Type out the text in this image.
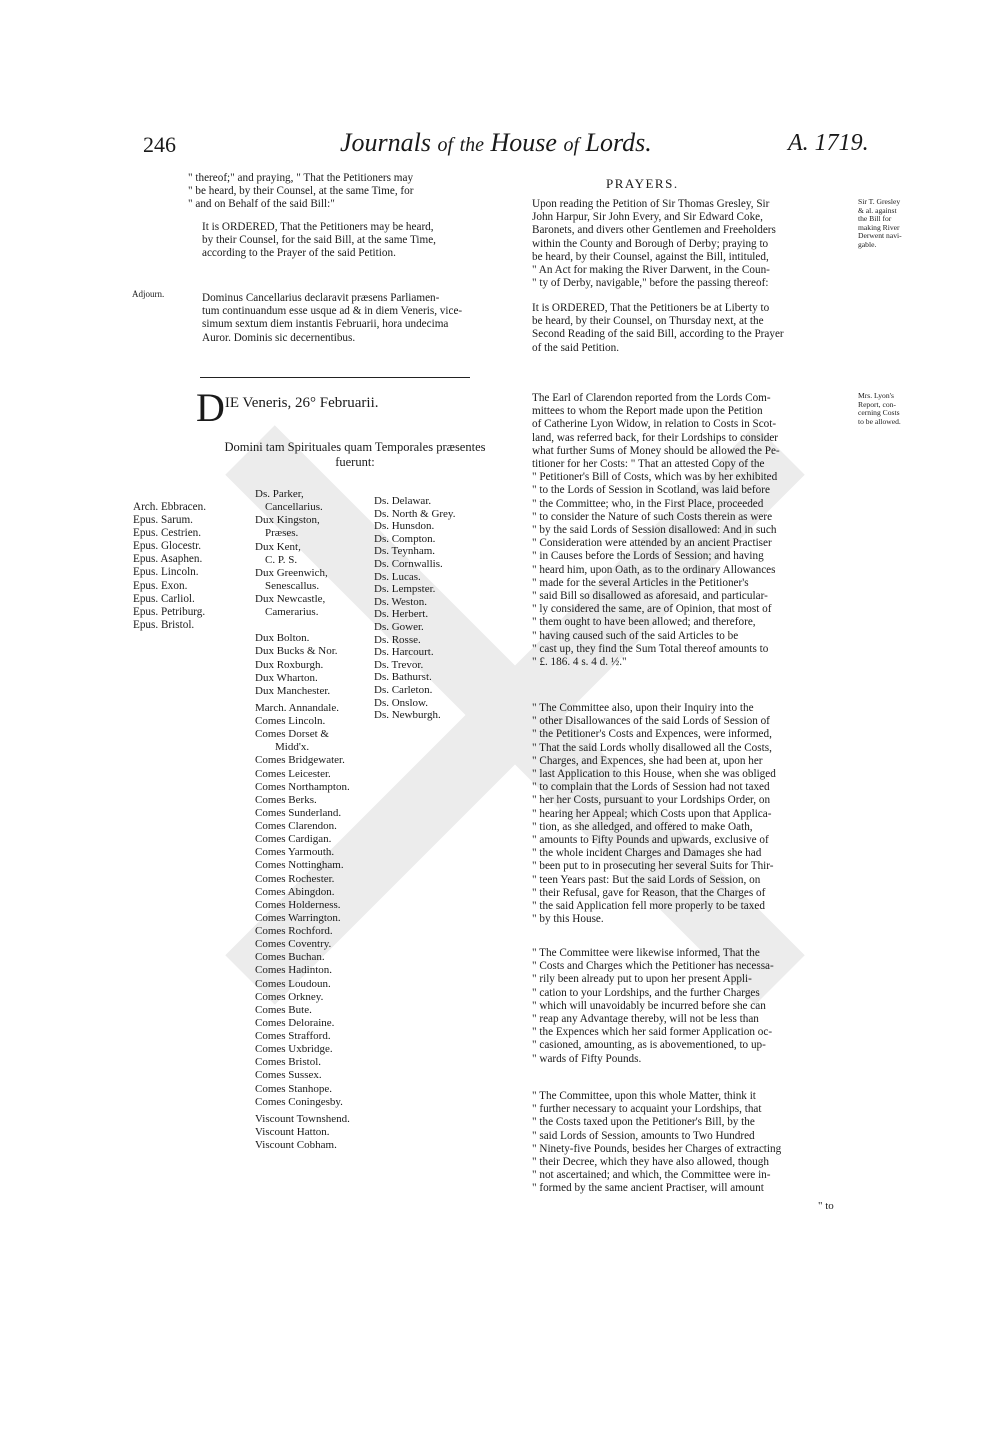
246	Journals of the House of Lords.	A. 1719.
" thereof;" and praying, " That the Petitioners may
" be heard, by their Counsel, at the same Time, for
" and on Behalf of the said Bill:"
It is ORDERED, That the Petitioners may be heard,
by their Counsel, for the said Bill, at the same Time,
according to the Prayer of the said Petition.
Adjourn.	Dominus Cancellarius declaravit præsens Parliamen-
tum continuandum esse usque ad & in diem Veneris, vice-
simum sextum diem instantis Februarii, hora undecima
Auror. Dominis sic decernentibus.
DIE Veneris, 26° Februarii.
Domini tam Spirituales quam Temporales præsentes
fuerunt:
Arch. Ebbracen.
Epus. Sarum.
Epus. Cestrien.
Epus. Glocestr.
Epus. Asaphen.
Epus. Lincoln.
Epus. Exon.
Epus. Carliol.
Epus. Petriburg.
Epus. Bristol.
Ds. Parker,
Cancellarius.
Dux Kingston,
Præses.
Dux Kent,
C. P. S.
Dux Greenwich,
Senescallus.
Dux Newcastle,
Camerarius.
Dux Bolton.
Dux Bucks & Nor.
Dux Roxburgh.
Dux Wharton.
Dux Manchester.
March. Annandale.
Comes Lincoln.
Comes Dorset &
Midd'x.
Comes Bridgewater.
Comes Leicester.
Comes Northampton.
Comes Berks.
Comes Sunderland.
Comes Clarendon.
Comes Cardigan.
Comes Yarmouth.
Comes Nottingham.
Comes Rochester.
Comes Abingdon.
Comes Holderness.
Comes Warrington.
Comes Rochford.
Comes Coventry.
Comes Buchan.
Comes Hadinton.
Comes Loudoun.
Comes Orkney.
Comes Bute.
Comes Deloraine.
Comes Strafford.
Comes Uxbridge.
Comes Bristol.
Comes Sussex.
Comes Stanhope.
Comes Coningesby.
Viscount Townshend.
Viscount Hatton.
Viscount Cobham.
Ds. Delawar.
Ds. North & Grey.
Ds. Hunsdon.
Ds. Compton.
Ds. Teynham.
Ds. Cornwallis.
Ds. Lucas.
Ds. Lempster.
Ds. Weston.
Ds. Herbert.
Ds. Gower.
Ds. Rosse.
Ds. Harcourt.
Ds. Trevor.
Ds. Bathurst.
Ds. Carleton.
Ds. Onslow.
Ds. Newburgh.
PRAYERS.
Upon reading the Petition of Sir Thomas Gresley, Sir
John Harpur, Sir John Every, and Sir Edward Coke,
Baronets, and divers other Gentlemen and Freeholders
within the County and Borough of Derby; praying to
be heard, by their Counsel, against the Bill, intituled,
" An Act for making the River Darwent, in the Coun-
" ty of Derby, navigable," before the passing thereof:
Sir T. Gresley
& al. against
the Bill for
making River
Derwent navi-
gable.
It is ORDERED, That the Petitioners be at Liberty to
be heard, by their Counsel, on Thursday next, at the
Second Reading of the said Bill, according to the Prayer
of the said Petition.
The Earl of Clarendon reported from the Lords Com-
mittees to whom the Report made upon the Petition
of Catherine Lyon Widow, in relation to Costs in Scot-
land, was referred back, for their Lordships to consider
what further Sums of Money should be allowed the Pe-
titioner for her Costs: " That an attested Copy of the
" Petitioner's Bill of Costs, which was by her exhibited
" to the Lords of Session in Scotland, was laid before
" the Committee; who, in the First Place, proceeded
" to consider the Nature of such Costs therein as were
" by the said Lords of Session disallowed: And in such
" Consideration were attended by an ancient Practiser
" in Causes before the Lords of Session; and having
" heard him, upon Oath, as to the ordinary Allowances
" made for the several Articles in the Petitioner's
" said Bill so disallowed as aforesaid, and particular-
" ly considered the same, are of Opinion, that most of
" them ought to have been allowed; and therefore,
" having caused such of the said Articles to be
" cast up, they find the Sum Total thereof amounts to
" £. 186. 4 s. 4 d. ½."
Mrs. Lyon's
Report, con-
cerning Costs
to be allowed.
" The Committee also, upon their Inquiry into the
" other Disallowances of the said Lords of Session of
" the Petitioner's Costs and Expences, were informed,
" That the said Lords wholly disallowed all the Costs,
" Charges, and Expences, she had been at, upon her
" last Application to this House, when she was obliged
" to complain that the Lords of Session had not taxed
" her her Costs, pursuant to your Lordships Order, on
" hearing her Appeal; which Costs upon that Applica-
" tion, as she alledged, and offered to make Oath,
" amounts to Fifty Pounds and upwards, exclusive of
" the whole incident Charges and Damages she had
" been put to in prosecuting her several Suits for Thir-
" teen Years past: But the said Lords of Session, on
" their Refusal, gave for Reason, that the Charges of
" the said Application fell more properly to be taxed
" by this House.
" The Committee were likewise informed, That the
" Costs and Charges which the Petitioner has necessa-
" rily been already put to upon her present Appli-
" cation to your Lordships, and the further Charges
" which will unavoidably be incurred before she can
" reap any Advantage thereby, will not be less than
" the Expences which her said former Application oc-
" casioned, amounting, as is abovementioned, to up-
" wards of Fifty Pounds.
" The Committee, upon this whole Matter, think it
" further necessary to acquaint your Lordships, that
" the Costs taxed upon the Petitioner's Bill, by the
" said Lords of Session, amounts to Two Hundred
" Ninety-five Pounds, besides her Charges of extracting
" their Decree, which they have also allowed, though
" not ascertained; and which, the Committee were in-
" formed by the same ancient Practiser, will amount
" to
